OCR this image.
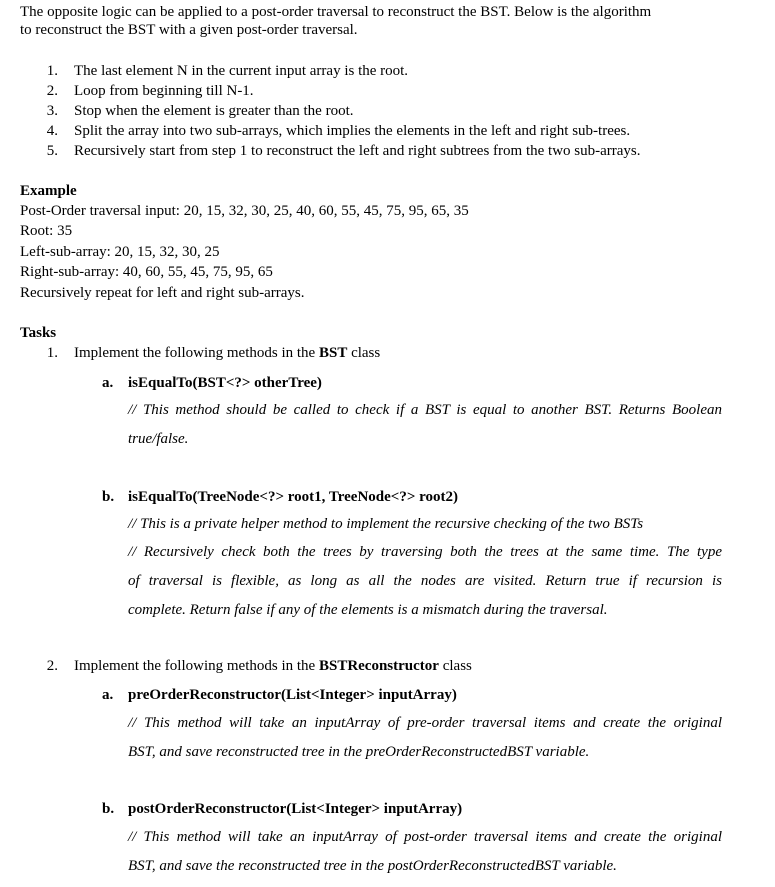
The opposite logic can be applied to a post-order traversal to reconstruct the BST. Below is the algorithm
to reconstruct the BST with a given post-order traversal.
1. The last element N in the current input array is the root.
2. Loop from beginning till N-1.
3. Stop when the element is greater than the root.
4. Split the array into two sub-arrays, which implies the elements in the left and right sub-trees.
5. Recursively start from step 1 to reconstruct the left and right subtrees from the two sub-arrays.
Example
Post-Order traversal input: 20, 15, 32, 30, 25, 40, 60, 55, 45, 75, 95, 65, 35
Root: 35
Left-sub-array: 20, 15, 32, 30, 25
Right-sub-array: 40, 60, 55, 45, 75, 95, 65
Recursively repeat for left and right sub-arrays.
Tasks
1. Implement the following methods in the BST class
a. isEqualTo(BST<?> otherTree)
// This method should be called to check if a BST is equal to another BST. Returns Boolean
true/false.
b. isEqualTo(TreeNode<?> root1, TreeNode<?> root2)
// This is a private helper method to implement the recursive checking of the two BSTs
// Recursively check both the trees by traversing both the trees at the same time. The type
of traversal is flexible, as long as all the nodes are visited. Return true if recursion is
complete. Return false if any of the elements is a mismatch during the traversal.
2. Implement the following methods in the BSTReconstructor class
a. preOrderReconstructor(List<Integer> inputArray)
// This method will take an inputArray of pre-order traversal items and create the original
BST, and save reconstructed tree in the preOrderReconstructedBST variable.
b. postOrderReconstructor(List<Integer> inputArray)
// This method will take an inputArray of post-order traversal items and create the original
BST, and save the reconstructed tree in the postOrderReconstructedBST variable.
